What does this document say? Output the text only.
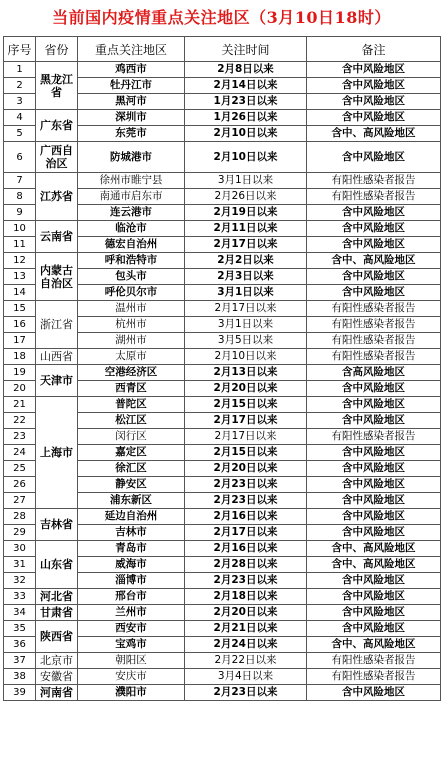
当前国内疫情重点关注地区（3月10日18时）
序号	省份	重点关注地区	关注时间	备注
1	黑龙江省	鸡西市	2月8日以来	含中风险地区
2		牡丹江市	2月14日以来	含中风险地区
3		黑河市	1月23日以来	含中风险地区
4	广东省	深圳市	1月26日以来	含中风险地区
5		东莞市	2月10日以来	含中、高风险地区
6	广西自治区	防城港市	2月10日以来	含中风险地区
7	江苏省	徐州市睢宁县	3月1日以来	有阳性感染者报告
8		南通市启东市	2月26日以来	有阳性感染者报告
9		连云港市	2月19日以来	含中风险地区
10	云南省	临沧市	2月11日以来	含中风险地区
11		德宏自治州	2月17日以来	含中风险地区
12	内蒙古自治区	呼和浩特市	2月2日以来	含中、高风险地区
13		包头市	2月3日以来	含中风险地区
14		呼伦贝尔市	3月1日以来	含中风险地区
15	浙江省	温州市	2月17日以来	有阳性感染者报告
16		杭州市	3月1日以来	有阳性感染者报告
17		湖州市	3月5日以来	有阳性感染者报告
18	山西省	太原市	2月10日以来	有阳性感染者报告
19	天津市	空港经济区	2月13日以来	含高风险地区
20		西青区	2月20日以来	含中风险地区
21	上海市	普陀区	2月15日以来	含中风险地区
22		松江区	2月17日以来	含中风险地区
23		闵行区	2月17日以来	有阳性感染者报告
24		嘉定区	2月15日以来	含中风险地区
25		徐汇区	2月20日以来	含中风险地区
26		静安区	2月23日以来	含中风险地区
27		浦东新区	2月23日以来	含中风险地区
28	吉林省	延边自治州	2月16日以来	含中风险地区
29		吉林市	2月17日以来	含中风险地区
30	山东省	青岛市	2月16日以来	含中、高风险地区
31		威海市	2月28日以来	含中、高风险地区
32		淄博市	2月23日以来	含中风险地区
33	河北省	邢台市	2月18日以来	含中风险地区
34	甘肃省	兰州市	2月20日以来	含中风险地区
35	陕西省	西安市	2月21日以来	含中风险地区
36		宝鸡市	2月24日以来	含中、高风险地区
37	北京市	朝阳区	2月22日以来	有阳性感染者报告
38	安徽省	安庆市	3月4日以来	有阳性感染者报告
39	河南省	濮阳市	2月23日以来	含中风险地区
